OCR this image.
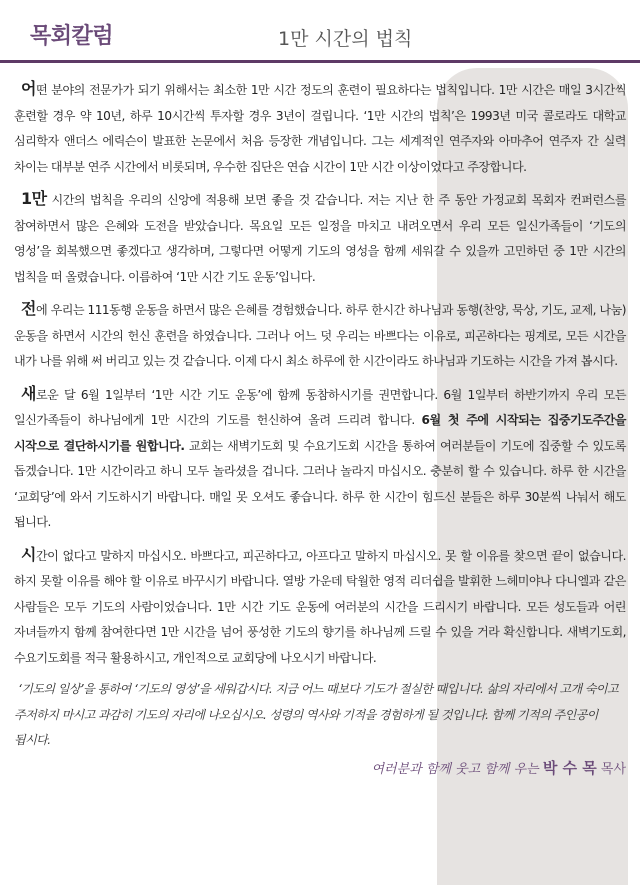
목회칼럼	1만 시간의 법칙

어떤 분야의 전문가가 되기 위해서는 최소한 1만 시간 정도의 훈련이 필요하다는 법칙입니다. 1만 시간은 매일 3시간씩 훈련할 경우 약 10년, 하루 10시간씩 투자할 경우 3년이 걸립니다. ‘1만 시간의 법칙’은 1993년 미국 콜로라도 대학교 심리학자 앤더스 에릭슨이 발표한 논문에서 처음 등장한 개념입니다. 그는 세계적인 연주자와 아마추어 연주자 간 실력 차이는 대부분 연주 시간에서 비롯되며, 우수한 집단은 연습 시간이 1만 시간 이상이었다고 주장합니다.

1만 시간의 법칙을 우리의 신앙에 적용해 보면 좋을 것 같습니다. 저는 지난 한 주 동안 가정교회 목회자 컨퍼런스를 참여하면서 많은 은혜와 도전을 받았습니다. 목요일 모든 일정을 마치고 내려오면서 우리 모든 일신가족들이 ‘기도의 영성’을 회복했으면 좋겠다고 생각하며, 그렇다면 어떻게 기도의 영성을 함께 세워갈 수 있을까 고민하던 중 1만 시간의 법칙을 떠 올렸습니다. 이름하여 ‘1만 시간 기도 운동’입니다.

전에 우리는 111동행 운동을 하면서 많은 은혜를 경험했습니다. 하루 한시간 하나님과 동행(찬양, 묵상, 기도, 교제, 나눔) 운동을 하면서 시간의 헌신 훈련을 하였습니다. 그러나 어느 덧 우리는 바쁘다는 이유로, 피곤하다는 핑계로, 모든 시간을 내가 나를 위해 써 버리고 있는 것 같습니다. 이제 다시 최소 하루에 한 시간이라도 하나님과 기도하는 시간을 가져 봅시다.

새로운 달 6월 1일부터 ‘1만 시간 기도 운동’에 함께 동참하시기를 권면합니다. 6월 1일부터 하반기까지 우리 모든 일신가족들이 하나님에게 1만 시간의 기도를 헌신하여 올려 드리려 합니다. 6월 첫 주에 시작되는 집중기도주간을 시작으로 결단하시기를 원합니다. 교회는 새벽기도회 및 수요기도회 시간을 통하여 여러분들이 기도에 집중할 수 있도록 돕겠습니다. 1만 시간이라고 하니 모두 놀라셨을 겁니다. 그러나 놀라지 마십시오. 충분히 할 수 있습니다. 하루 한 시간을 ‘교회당’에 와서 기도하시기 바랍니다. 매일 못 오셔도 좋습니다. 하루 한 시간이 힘드신 분들은 하루 30분씩 나눠서 해도 됩니다.

시간이 없다고 말하지 마십시오. 바쁘다고, 피곤하다고, 아프다고 말하지 마십시오. 못 할 이유를 찾으면 끝이 없습니다. 하지 못할 이유를 해야 할 이유로 바꾸시기 바랍니다. 열방 가운데 탁월한 영적 리더쉽을 발휘한 느헤미야나 다니엘과 같은 사람들은 모두 기도의 사람이었습니다. 1만 시간 기도 운동에 여러분의 시간을 드리시기 바랍니다. 모든 성도들과 어린 자녀들까지 함께 참여한다면 1만 시간을 넘어 풍성한 기도의 향기를 하나님께 드릴 수 있을 거라 확신합니다. 새벽기도회, 수요기도회를 적극 활용하시고, 개인적으로 교회당에 나오시기 바랍니다.

‘기도의 일상’을 통하여 ‘기도의 영성’을 세워갑시다. 지금 어느 때보다 기도가 절실한 때입니다. 삶의 자리에서 고개 숙이고 주저하지 마시고 과감히 기도의 자리에 나오십시오. 성령의 역사와 기적을 경험하게 될 것입니다. 함께 기적의 주인공이 됩시다.

여러분과 함께 웃고 함께 우는 박 수 목 목사
